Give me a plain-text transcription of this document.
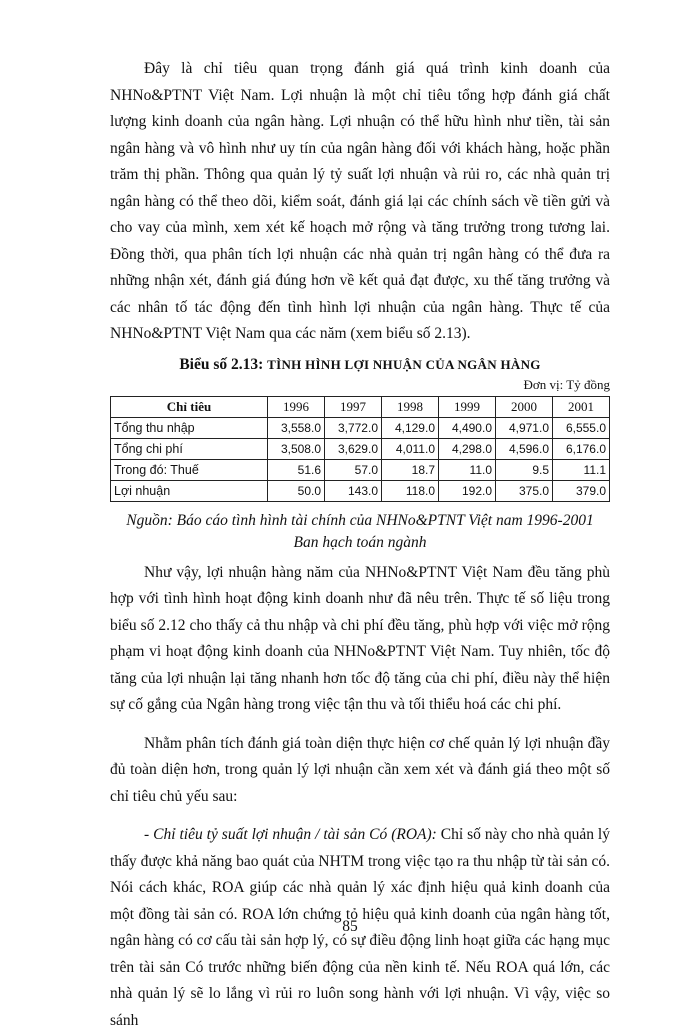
Đây là chỉ tiêu quan trọng đánh giá quá trình kinh doanh của NHNo&PTNT Việt Nam. Lợi nhuận là một chỉ tiêu tổng hợp đánh giá chất lượng kinh doanh của ngân hàng. Lợi nhuận có thể hữu hình như tiền, tài sản ngân hàng và vô hình như uy tín của ngân hàng đối với khách hàng, hoặc phần trăm thị phần. Thông qua quản lý tỷ suất lợi nhuận và rủi ro, các nhà quản trị ngân hàng có thể theo dõi, kiểm soát, đánh giá lại các chính sách về tiền gửi và cho vay của mình, xem xét kế hoạch mở rộng và tăng trưởng trong tương lai. Đồng thời, qua phân tích lợi nhuận các nhà quản trị ngân hàng có thể đưa ra những nhận xét, đánh giá đúng hơn về kết quả đạt được, xu thế tăng trưởng và các nhân tố tác động đến tình hình lợi nhuận của ngân hàng. Thực tế của NHNo&PTNT Việt Nam qua các năm (xem biểu số 2.13).

Biểu số 2.13: TÌNH HÌNH LỢI NHUẬN CỦA NGÂN HÀNG
Đơn vị: Tỷ đồng
Chỉ tiêu	1996	1997	1998	1999	2000	2001
Tổng thu nhập	3,558.0	3,772.0	4,129.0	4,490.0	4,971.0	6,555.0
Tổng chi phí	3,508.0	3,629.0	4,011.0	4,298.0	4,596.0	6,176.0
Trong đó: Thuế	51.6	57.0	18.7	11.0	9.5	11.1
Lợi nhuận	50.0	143.0	118.0	192.0	375.0	379.0
Nguồn: Báo cáo tình hình tài chính của NHNo&PTNT Việt nam 1996-2001
Ban hạch toán ngành

Như vậy, lợi nhuận hàng năm của NHNo&PTNT Việt Nam đều tăng phù hợp với tình hình hoạt động kinh doanh như đã nêu trên. Thực tế số liệu trong biểu số 2.12 cho thấy cả thu nhập và chi phí đều tăng, phù hợp với việc mở rộng phạm vi hoạt động kinh doanh của NHNo&PTNT Việt Nam. Tuy nhiên, tốc độ tăng của lợi nhuận lại tăng nhanh hơn tốc độ tăng của chi phí, điều này thể hiện sự cố gắng của Ngân hàng trong việc tận thu và tối thiểu hoá các chi phí.

Nhằm phân tích đánh giá toàn diện thực hiện cơ chế quản lý lợi nhuận đầy đủ toàn diện hơn, trong quản lý lợi nhuận cần xem xét và đánh giá theo một số chỉ tiêu chủ yếu sau:

- Chỉ tiêu tỷ suất lợi nhuận / tài sản Có (ROA): Chỉ số này cho nhà quản lý thấy được khả năng bao quát của NHTM trong việc tạo ra thu nhập từ tài sản có. Nói cách khác, ROA giúp các nhà quản lý xác định hiệu quả kinh doanh của một đồng tài sản có. ROA lớn chứng tỏ hiệu quả kinh doanh của ngân hàng tốt, ngân hàng có cơ cấu tài sản hợp lý, có sự điều động linh hoạt giữa các hạng mục trên tài sản Có trước những biến động của nền kinh tế. Nếu ROA quá lớn, các nhà quản lý sẽ lo lắng vì rủi ro luôn song hành với lợi nhuận. Vì vậy, việc so sánh

85
